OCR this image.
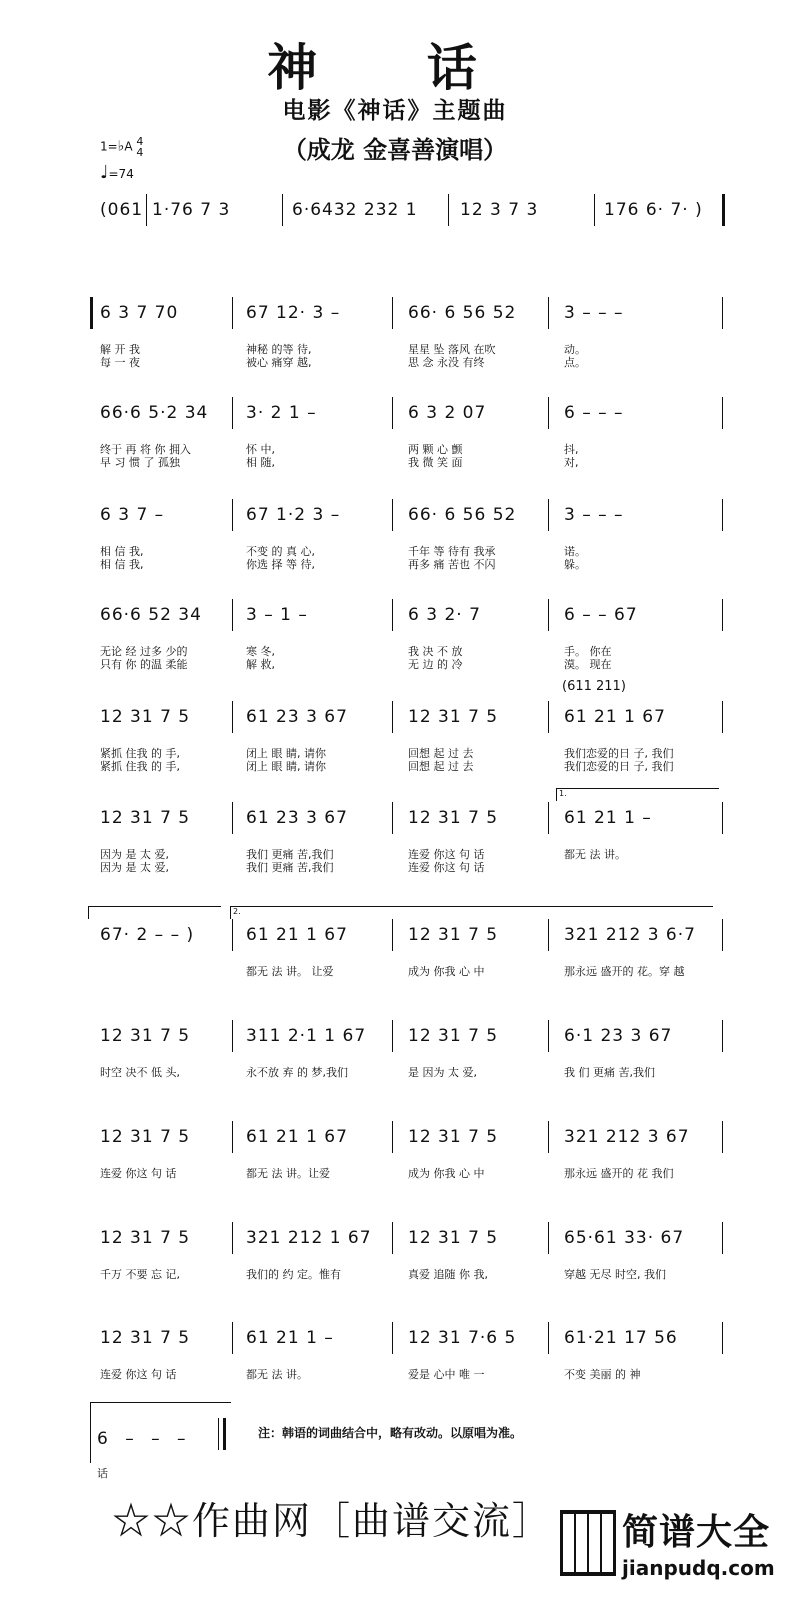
神 话
电影《神话》主题曲
（成龙 金喜善演唱）
1=♭A 4
4
♩=74
(061 1·76 7 3	6·6432 232 1 12 3 7 3	176 6· 7· )
6 3 7 70	67 12· 3 –	66· 6 56 52	3 – – –
解 开 我	神秘 的等 待,	星星 坠 落风 在吹	动。
每 一 夜	被心 痛穿 越,	思 念 永没 有终	点。
66·6 5·2 34 3· 2 1 –	6 3 2 07	6 – – –
终于 再 将 你 拥入	怀 中,	两 颗 心 颤	抖,
早 习 惯 了 孤独	相 随,	我 微 笑 面	对,
6 3 7 –	67 1·2 3 –	66· 6 56 52	3 – – –
相 信 我,	不变 的 真 心,	千年 等 待有 我承	诺。
相 信 我,	你选 择 等 待,	再多 痛 苦也 不闪	躲。
66·6 52 34	3 – 1 –	6 3 2· 7	6 – – 67
无论 经 过多 少的	寒 冬,	我 决 不 放	手。 你在
只有 你 的温 柔能	解 救,	无 边 的 冷	漠。 现在
12 31 7 5	61 23 3 67	12 31 7 5	61 21 1 67
紧抓 住我 的 手,	闭上 眼 睛, 请你	回想 起 过 去	我们恋爱的日 子, 我们
紧抓 住我 的 手,	闭上 眼 睛, 请你	回想 起 过 去	我们恋爱的日 子, 我们
12 31 7 5	61 23 3 67	12 31 7 5	61 21 1 –
因为 是 太 爱,	我们 更痛 苦,我们	连爱 你这 句 话	都无 法 讲。
因为 是 太 爱,	我们 更痛 苦,我们	连爱 你这 句 话
67· 2 – – )	61 21 1 67	12 31 7 5	321 212 3 6·7
都无 法 讲。 让爱	成为 你我 心 中	那永远 盛开的 花。穿 越
12 31 7 5	311 2·1 1 67 12 31 7 5	6·1 23 3 67
时空 决不 低 头,	永不放 弃 的 梦,我们	是 因为 太 爱,	我 们 更痛 苦,我们
12 31 7 5	61 21 1 67	12 31 7 5	321 212 3 67
连爱 你这 句 话	都无 法 讲。让爱	成为 你我 心 中	那永远 盛开的 花 我们
12 31 7 5	321 212 1 67 12 31 7 5	65·61 33· 67
千万 不要 忘 记,	我们的 约 定。惟有	真爱 追随 你 我,	穿越 无尽 时空, 我们
12 31 7 5	61 21 1 –	12 31 7·6 5	61·21 17 56
连爱 你这 句 话	都无 法 讲。	爱是 心中 唯 一	不变 美丽 的 神
(611 211)
1.
2.
6 – – –
话
注：韩语的词曲结合中，略有改动。以原唱为准。
☆☆作曲网［曲谱交流］ 简谱大全
jianpudq.com
